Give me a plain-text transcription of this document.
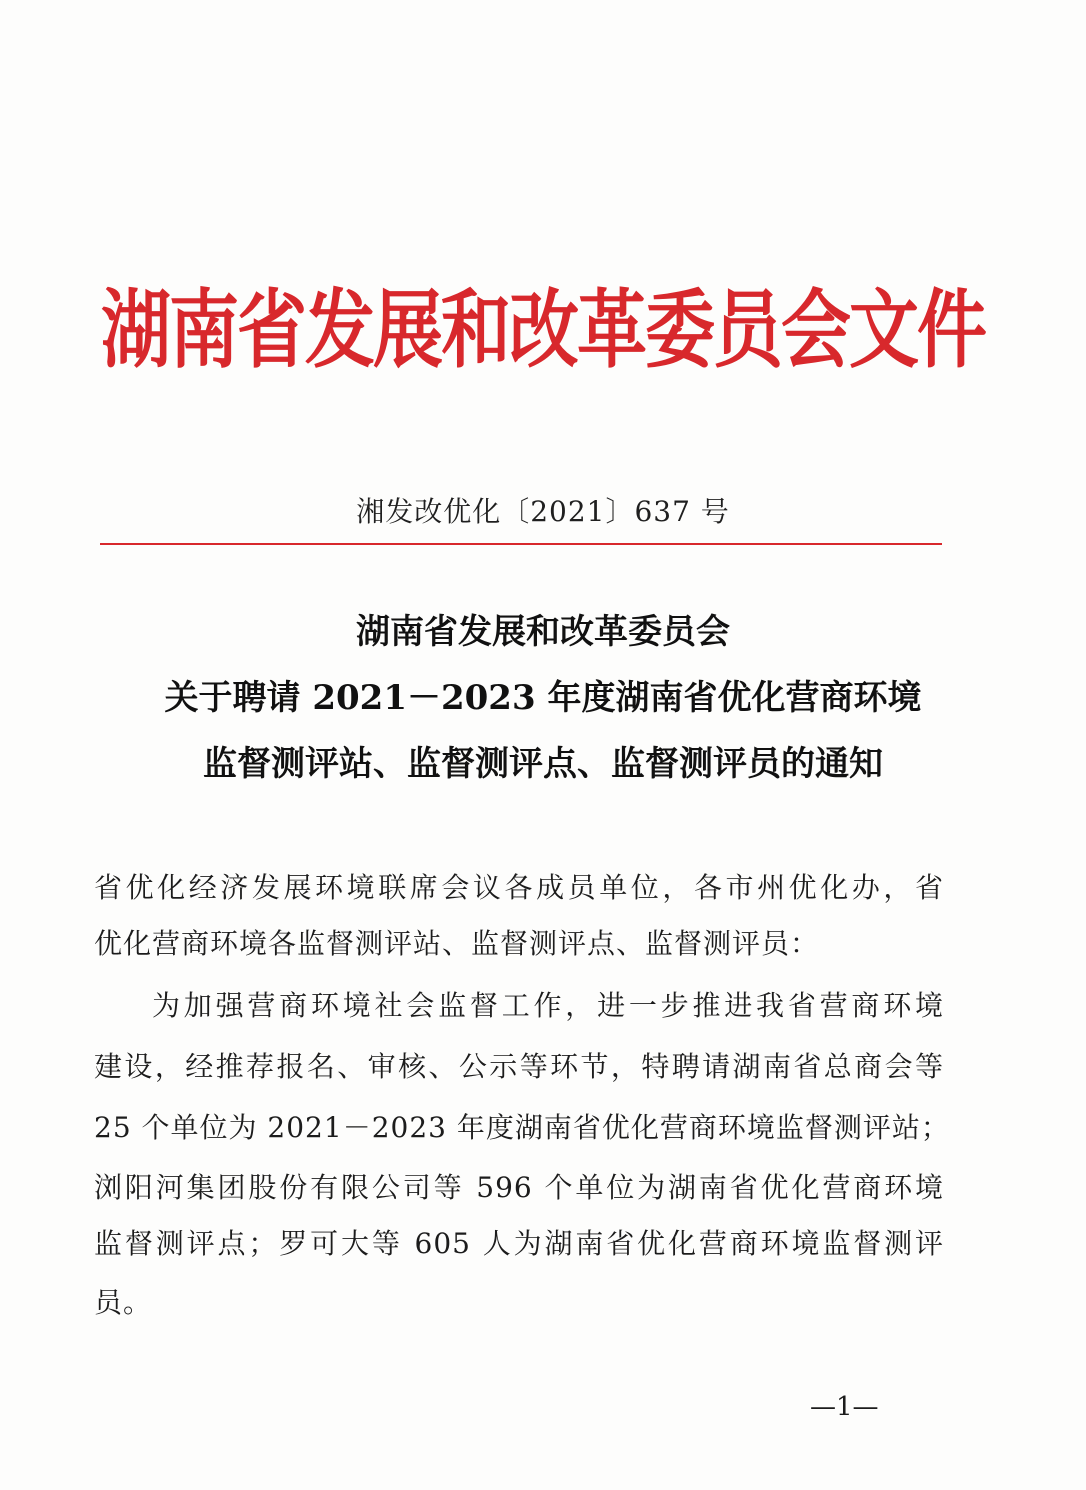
湖南省发展和改革委员会文件
湘发改优化〔2021〕637 号
湖南省发展和改革委员会
关于聘请 2021－2023 年度湖南省优化营商环境
监督测评站、监督测评点、监督测评员的通知
省优化经济发展环境联席会议各成员单位，各市州优化办，省
优化营商环境各监督测评站、监督测评点、监督测评员：
为加强营商环境社会监督工作，进一步推进我省营商环境
建设，经推荐报名、审核、公示等环节，特聘请湖南省总商会等
25 个单位为 2021－2023 年度湖南省优化营商环境监督测评站；
浏阳河集团股份有限公司等 596 个单位为湖南省优化营商环境
监督测评点；罗可大等 605 人为湖南省优化营商环境监督测评
员。
—1—
